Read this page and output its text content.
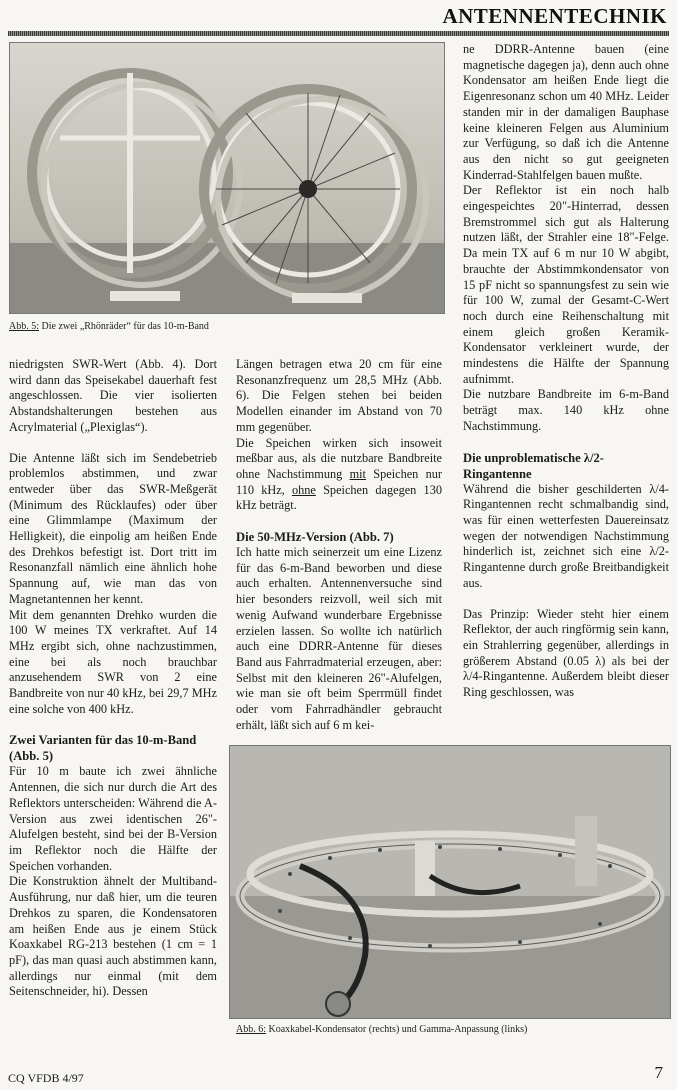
ANTENNENTECHNIK
Abb. 5: Die zwei „Rhönräder“ für das 10-m-Band

niedrigsten SWR-Wert (Abb. 4). Dort wird dann das Speisekabel dauerhaft fest angeschlossen. Die vier isolierten Abstandshalterungen bestehen aus Acrylmaterial („Plexiglas“).

Die Antenne läßt sich im Sendebetrieb problemlos abstimmen, und zwar entweder über das SWR-Meßgerät (Minimum des Rücklaufes) oder über eine Glimmlampe (Maximum der Helligkeit), die einpolig am heißen Ende des Drehkos befestigt ist. Dort tritt im Resonanzfall nämlich eine ähnlich hohe Spannung auf, wie man das von Magnetantennen her kennt.

Mit dem genannten Drehko wurden die 100 W meines TX verkraftet. Auf 14 MHz ergibt sich, ohne nachzustimmen, eine bei als noch brauchbar anzusehendem SWR von 2 eine Bandbreite von nur 40 kHz, bei 29,7 MHz eine solche von 400 kHz.

Zwei Varianten für das 10-m-Band (Abb. 5)

Für 10 m baute ich zwei ähnliche Antennen, die sich nur durch die Art des Reflektors unterscheiden: Während die A-Version aus zwei identischen 26"-Alufelgen besteht, sind bei der B-Version im Reflektor noch die Hälfte der Speichen vorhanden.

Die Konstruktion ähnelt der Multiband-Ausführung, nur daß hier, um die teuren Drehkos zu sparen, die Kondensatoren am heißen Ende aus je einem Stück Koaxkabel RG-213 bestehen (1 cm = 1 pF), das man quasi auch abstimmen kann, allerdings nur einmal (mit dem Seitenschneider, hi). Dessen

Längen betragen etwa 20 cm für eine Resonanzfrequenz um 28,5 MHz (Abb. 6). Die Felgen stehen bei beiden Modellen einander im Abstand von 70 mm gegenüber.

Die Speichen wirken sich insoweit meßbar aus, als die nutzbare Bandbreite ohne Nachstimmung mit Speichen nur 110 kHz, ohne Speichen dagegen 130 kHz beträgt.

Die 50-MHz-Version (Abb. 7)

Ich hatte mich seinerzeit um eine Lizenz für das 6-m-Band beworben und diese auch erhalten. Antennenversuche sind hier besonders reizvoll, weil sich mit wenig Aufwand wunderbare Ergebnisse erzielen lassen. So wollte ich natürlich auch eine DDRR-Antenne für dieses Band aus Fahrradmaterial erzeugen, aber: Selbst mit den kleineren 26"-Alufelgen, wie man sie oft beim Sperrmüll findet oder vom Fahrradhändler gebraucht erhält, läßt sich auf 6 m kei-

ne DDRR-Antenne bauen (eine magnetische dagegen ja), denn auch ohne Kondensator am heißen Ende liegt die Eigenresonanz schon um 40 MHz. Leider standen mir in der damaligen Bauphase keine kleineren Felgen aus Aluminium zur Verfügung, so daß ich die Antenne aus den nicht so gut geeigneten Kinderrad-Stahlfelgen bauen mußte.

Der Reflektor ist ein noch halb eingespeichtes 20"-Hinterrad, dessen Bremstrommel sich gut als Halterung nutzen läßt, der Strahler eine 18"-Felge. Da mein TX auf 6 m nur 10 W abgibt, brauchte der Abstimmkondensator von 15 pF nicht so spannungsfest zu sein wie für 100 W, zumal der Gesamt-C-Wert noch durch eine Reihenschaltung mit einem gleich großen Keramik-Kondensator verkleinert wurde, der mindestens die Hälfte der Spannung aufnimmt.

Die nutzbare Bandbreite im 6-m-Band beträgt max. 140 kHz ohne Nachstimmung.

Die unproblematische λ/2-Ringantenne

Während die bisher geschilderten λ/4-Ringantennen recht schmalbandig sind, was für einen wetterfesten Dauereinsatz wegen der notwendigen Nachstimmung hinderlich ist, zeichnet sich eine λ/2-Ringantenne durch große Breitbandigkeit aus.

Das Prinzip: Wieder steht hier einem Reflektor, der auch ringförmig sein kann, ein Strahlerring gegenüber, allerdings in größerem Abstand (0.05 λ) als bei der λ/4-Ringantenne. Außerdem bleibt dieser Ring geschlossen, was

Abb. 6: Koaxkabel-Kondensator (rechts) und Gamma-Anpassung (links)
CQ VFDB 4/97	7
